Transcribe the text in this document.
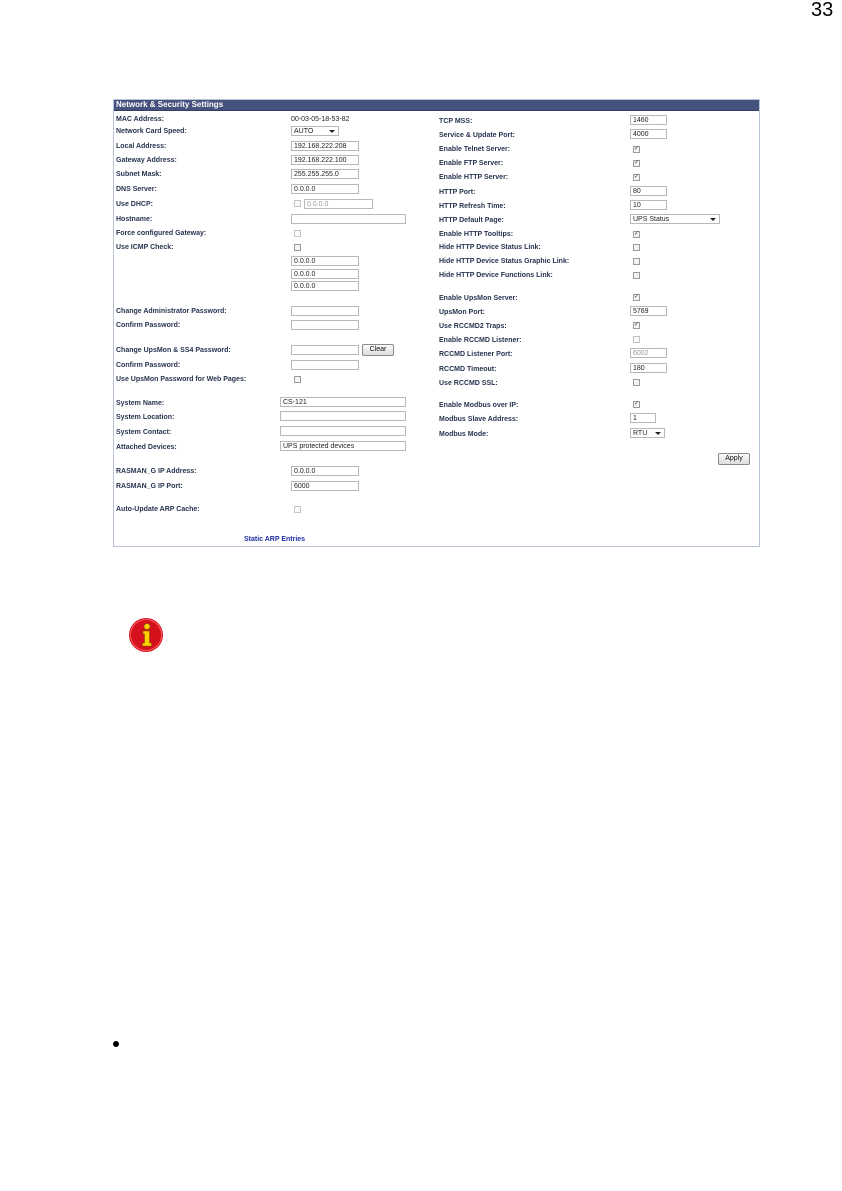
33
Network & Security Settings
MAC Address:	00-03-05-18-53-82
Network Card Speed:	AUTO
Local Address:	192.168.222.208
Gateway Address:	192.168.222.100
Subnet Mask:	255.255.255.0
DNS Server:	0.0.0.0
Use DHCP:	0.0.0.0
Hostname:
Force configured Gateway:
Use ICMP Check:
0.0.0.0
0.0.0.0
0.0.0.0
Change Administrator Password:
Confirm Password:
Change UpsMon & SS4 Password:	Clear
Confirm Password:
Use UpsMon Password for Web Pages:
System Name:	CS-121
System Location:
System Contact:
Attached Devices:	UPS protected devices
RASMAN_G IP Address:	0.0.0.0
RASMAN_G IP Port:	6000
Auto-Update ARP Cache:
Static ARP Entries
TCP MSS:	1460
Service & Update Port:	4000
Enable Telnet Server:	✓
Enable FTP Server:	✓
Enable HTTP Server:	✓
HTTP Port:	80
HTTP Refresh Time:	10
HTTP Default Page:	UPS Status
Enable HTTP Tooltips:	✓
Hide HTTP Device Status Link:
Hide HTTP Device Status Graphic Link:
Hide HTTP Device Functions Link:
Enable UpsMon Server:	✓
UpsMon Port:	5769
Use RCCMD2 Traps:	✓
Enable RCCMD Listener:
RCCMD Listener Port:	6002
RCCMD Timeout:	180
Use RCCMD SSL:
Enable Modbus over IP:	✓
Modbus Slave Address:	1
Modbus Mode:	RTU
Apply
